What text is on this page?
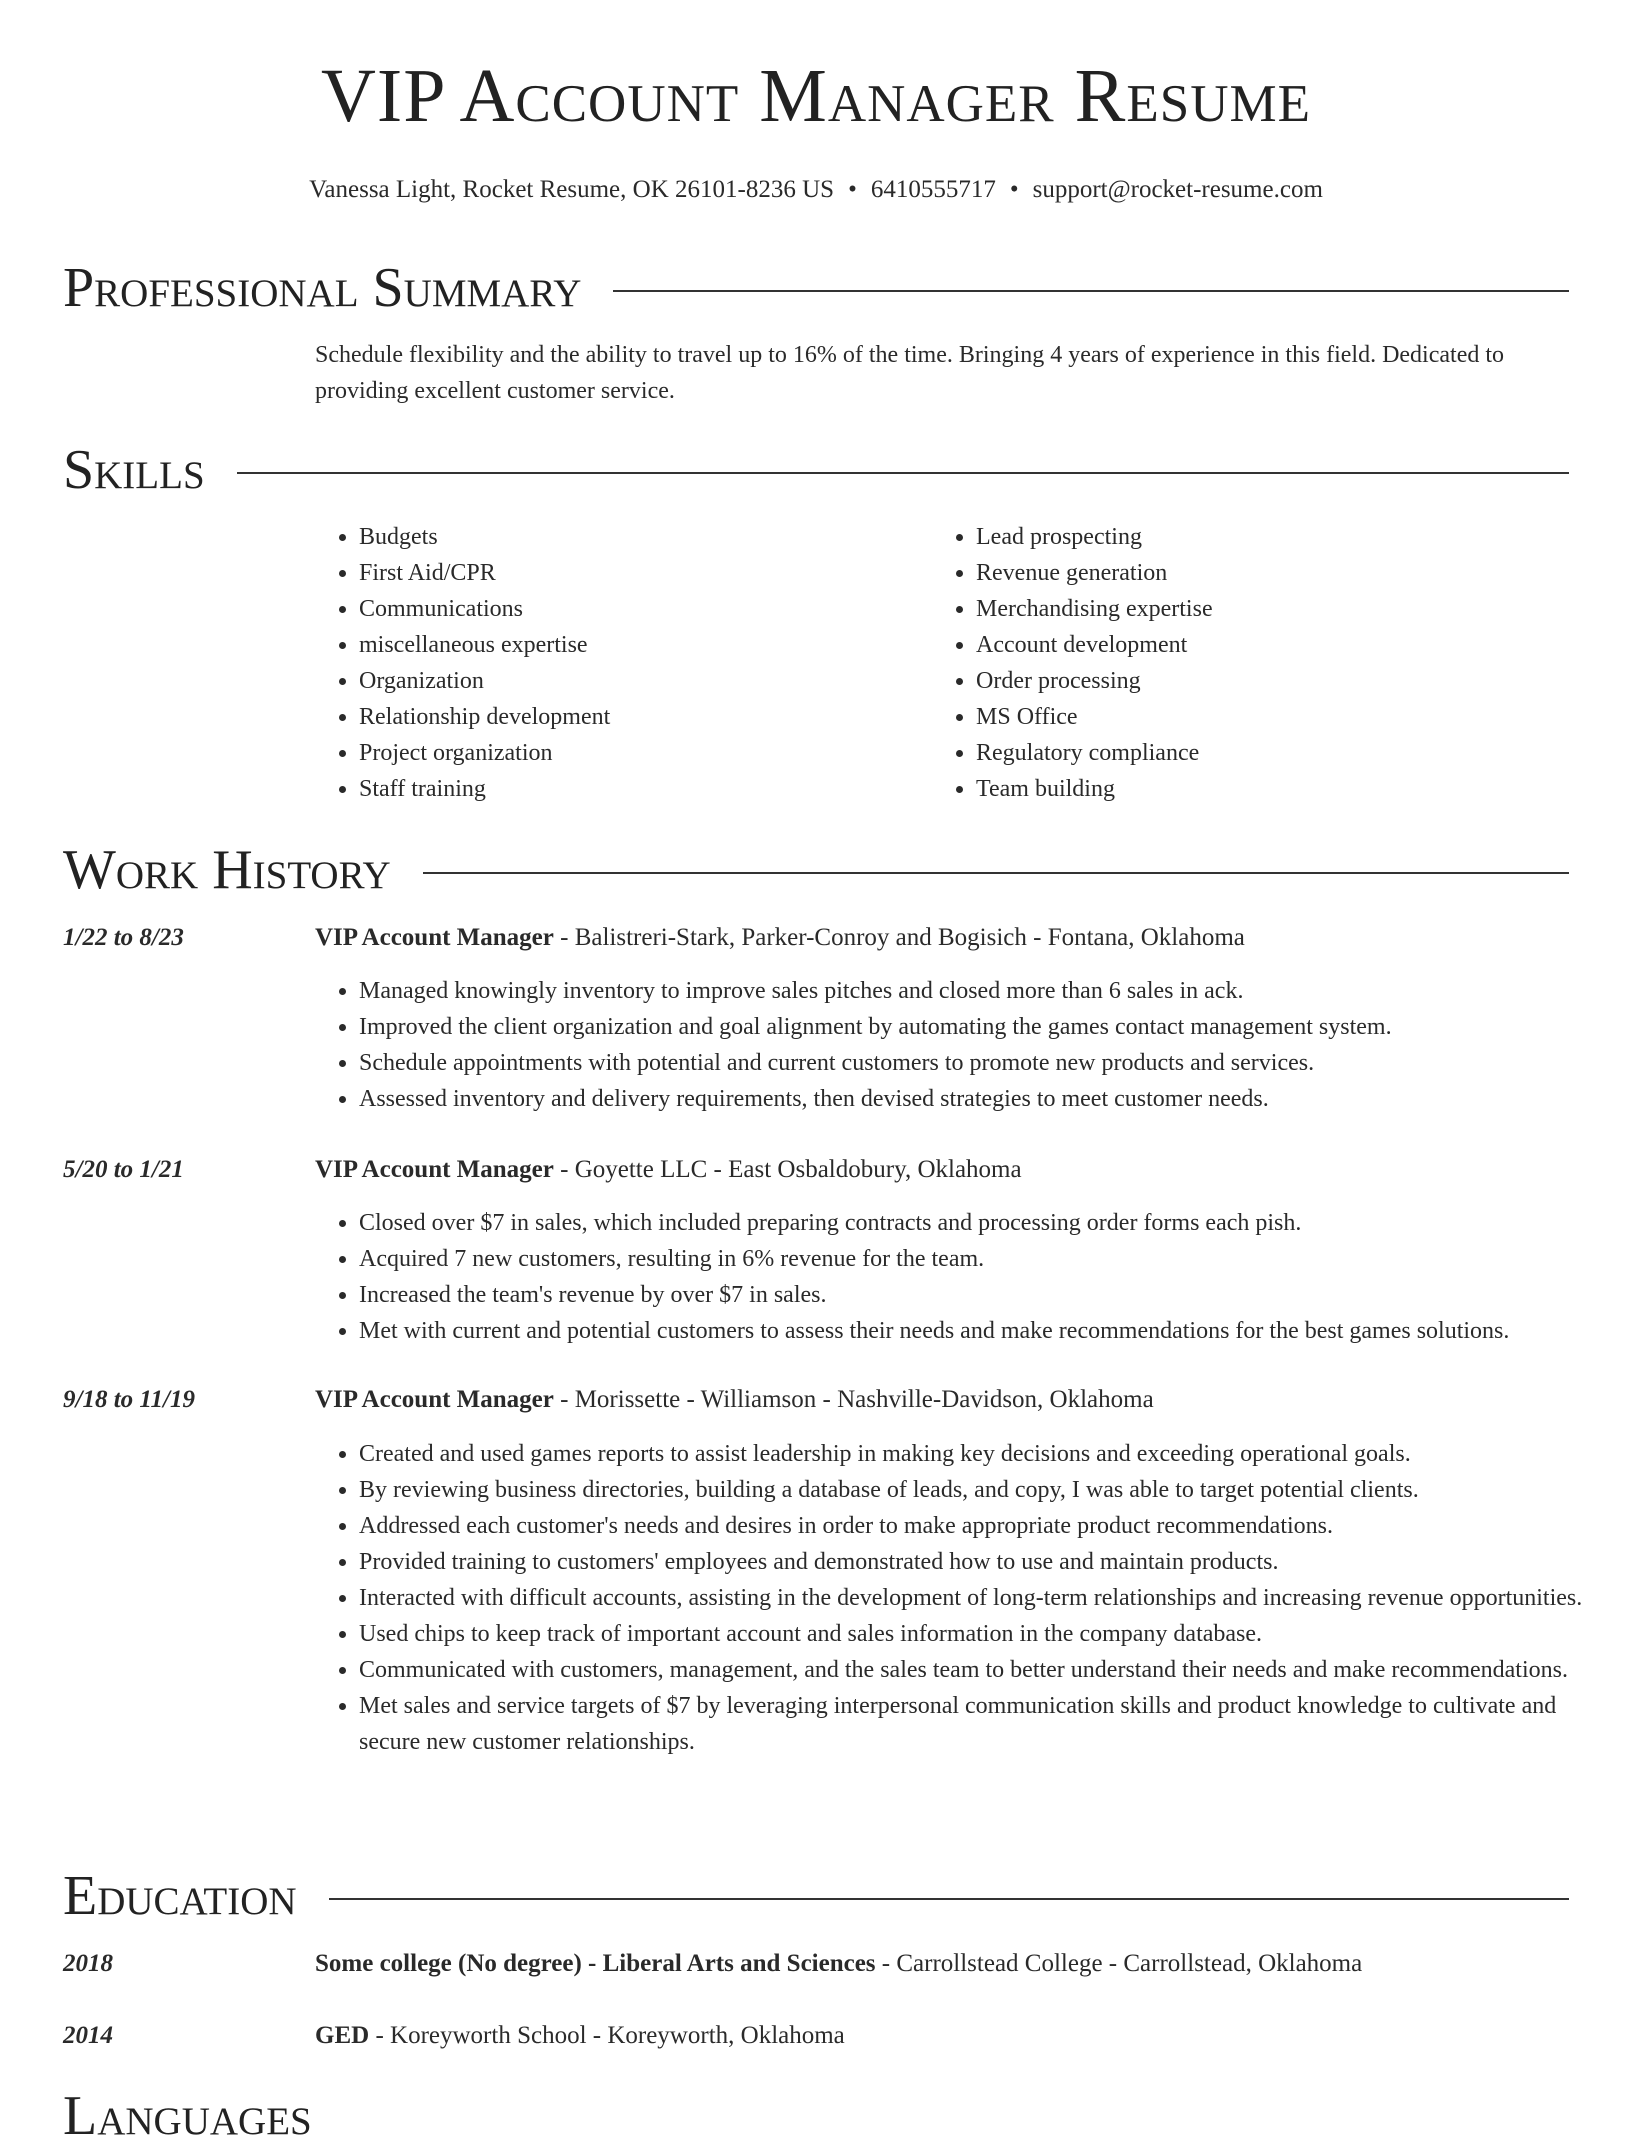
VIP Account Manager Resume
Vanessa Light, Rocket Resume, OK 26101-8236 US • 6410555717 • support@rocket-resume.com
Professional Summary

Schedule flexibility and the ability to travel up to 16% of the time. Bringing 4 years of experience in this field. Dedicated to providing excellent customer service.

Skills
• Budgets
• First Aid/CPR
• Communications
• miscellaneous expertise
• Organization
• Relationship development
• Project organization
• Staff training
• Lead prospecting
• Revenue generation
• Merchandising expertise
• Account development
• Order processing
• MS Office
• Regulatory compliance
• Team building
Work History
1/22 to 8/23	VIP Account Manager - Balistreri-Stark, Parker-Conroy and Bogisich - Fontana, Oklahoma
• Managed knowingly inventory to improve sales pitches and closed more than 6 sales in ack.
• Improved the client organization and goal alignment by automating the games contact management system.
• Schedule appointments with potential and current customers to promote new products and services.
• Assessed inventory and delivery requirements, then devised strategies to meet customer needs.
5/20 to 1/21	VIP Account Manager - Goyette LLC - East Osbaldobury, Oklahoma
• Closed over $7 in sales, which included preparing contracts and processing order forms each pish.
• Acquired 7 new customers, resulting in 6% revenue for the team.
• Increased the team's revenue by over $7 in sales.
• Met with current and potential customers to assess their needs and make recommendations for the best games solutions.
9/18 to 11/19	VIP Account Manager - Morissette - Williamson - Nashville-Davidson, Oklahoma
• Created and used games reports to assist leadership in making key decisions and exceeding operational goals.
• By reviewing business directories, building a database of leads, and copy, I was able to target potential clients.
• Addressed each customer's needs and desires in order to make appropriate product recommendations.
• Provided training to customers' employees and demonstrated how to use and maintain products.
• Interacted with difficult accounts, assisting in the development of long-term relationships and increasing revenue opportunities.
• Used chips to keep track of important account and sales information in the company database.
• Communicated with customers, management, and the sales team to better understand their needs and make recommendations.
• Met sales and service targets of $7 by leveraging interpersonal communication skills and product knowledge to cultivate and secure new customer relationships.
Education
2018	Some college (No degree) - Liberal Arts and Sciences - Carrollstead College - Carrollstead, Oklahoma
2014	GED - Koreyworth School - Koreyworth, Oklahoma
Languages
